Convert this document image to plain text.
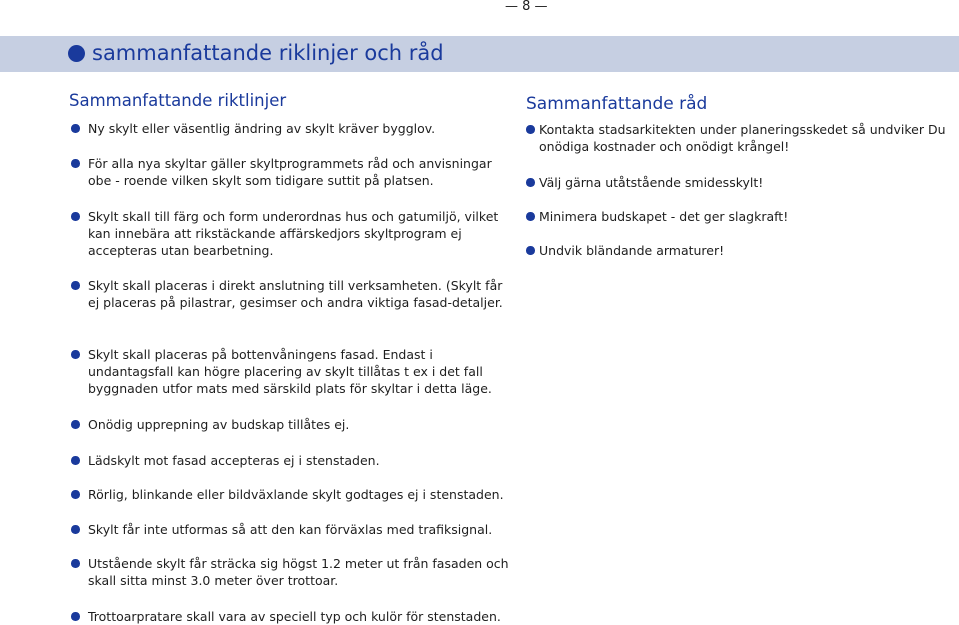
— 8 —
sammanfattande riklinjer och råd
Sammanfattande riktlinjer
Ny skylt eller väsentlig ändring av skylt kräver bygglov.
För alla nya skyltar gäller skyltprogrammets råd och anvisningar obe - roende vilken skylt som tidigare suttit på platsen.
Skylt skall till färg och form underordnas hus och gatumiljö, vilket kan innebära att rikstäckande affärskedjors skyltprogram ej accepteras utan bearbetning.
Skylt skall placeras i direkt anslutning till verksamheten. (Skylt får ej placeras på pilastrar, gesimser och andra viktiga fasad-detaljer.
Skylt skall placeras på bottenvåningens fasad. Endast i undantagsfall kan högre placering av skylt tillåtas t ex i det fall byggnaden utfor mats med särskild plats för skyltar i detta läge.
Onödig upprepning av budskap tillåtes ej.
Lädskylt mot fasad accepteras ej i stenstaden.
Rörlig, blinkande eller bildväxlande skylt godtages ej i stenstaden.
Skylt får inte utformas så att den kan förväxlas med trafiksignal.
Utstående skylt får sträcka sig högst 1.2 meter ut från fasaden och skall sitta minst 3.0 meter över trottoar.
Trottoarpratare skall vara av speciell typ och kulör för stenstaden.
Sammanfattande råd
Kontakta stadsarkitekten under planeringsskedet så undviker Du onödiga kostnader och onödigt krångel!
Välj gärna utåtstående smidesskylt!
Minimera budskapet - det ger slagkraft!
Undvik bländande armaturer!
